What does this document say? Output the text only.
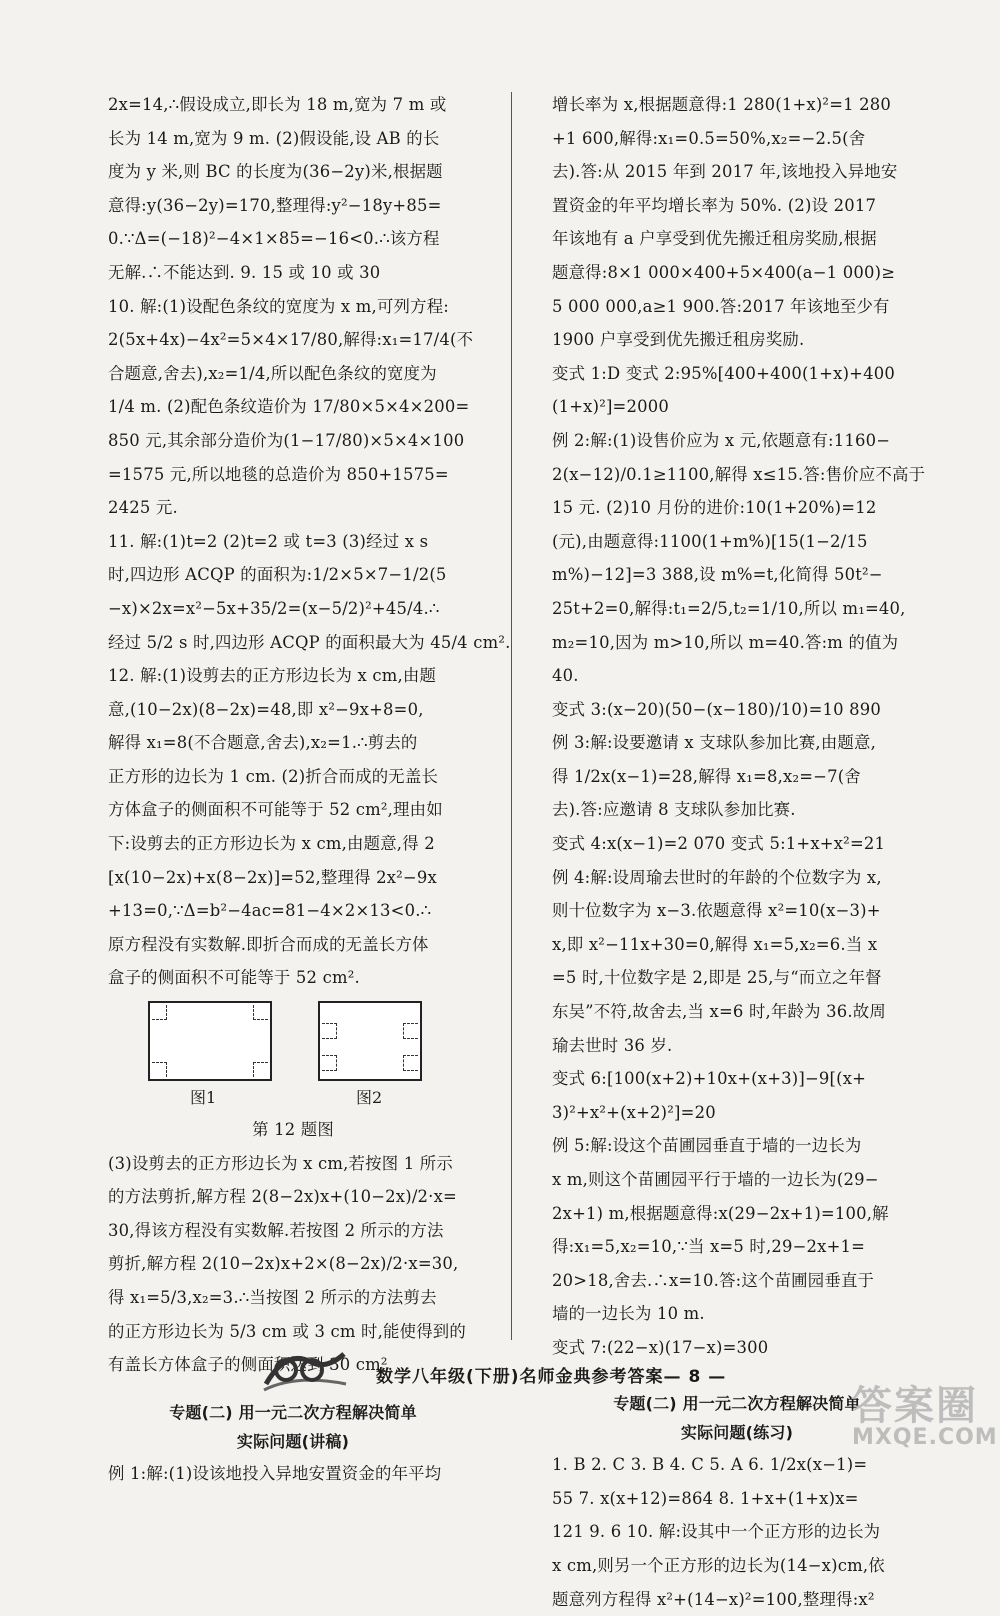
2x=14,∴假设成立,即长为 18 m,宽为 7 m 或
长为 14 m,宽为 9 m. (2)假设能,设 AB 的长
度为 y 米,则 BC 的长度为(36−2y)米,根据题
意得:y(36−2y)=170,整理得:y²−18y+85=
0.∵Δ=(−18)²−4×1×85=−16<0.∴该方程
无解.∴不能达到. 9. 15 或 10 或 30
10. 解:(1)设配色条纹的宽度为 x m,可列方程:
2(5x+4x)−4x²=5×4×17/80,解得:x₁=17/4(不
合题意,舍去),x₂=1/4,所以配色条纹的宽度为
1/4 m. (2)配色条纹造价为 17/80×5×4×200=
850 元,其余部分造价为(1−17/80)×5×4×100
=1575 元,所以地毯的总造价为 850+1575=
2425 元.
11. 解:(1)t=2 (2)t=2 或 t=3 (3)经过 x s
时,四边形 ACQP 的面积为:1/2×5×7−1/2(5
−x)×2x=x²−5x+35/2=(x−5/2)²+45/4.∴
经过 5/2 s 时,四边形 ACQP 的面积最大为 45/4 cm².
12. 解:(1)设剪去的正方形边长为 x cm,由题
意,(10−2x)(8−2x)=48,即 x²−9x+8=0,
解得 x₁=8(不合题意,舍去),x₂=1.∴剪去的
正方形的边长为 1 cm. (2)折合而成的无盖长
方体盒子的侧面积不可能等于 52 cm²,理由如
下:设剪去的正方形边长为 x cm,由题意,得 2
[x(10−2x)+x(8−2x)]=52,整理得 2x²−9x
+13=0,∵Δ=b²−4ac=81−4×2×13<0.∴
原方程没有实数解.即折合而成的无盖长方体
盒子的侧面积不可能等于 52 cm².
图1	图2
第 12 题图
(3)设剪去的正方形边长为 x cm,若按图 1 所示
的方法剪折,解方程 2(8−2x)x+(10−2x)/2·x=
30,得该方程没有实数解.若按图 2 所示的方法
剪折,解方程 2(10−2x)x+2×(8−2x)/2·x=30,
得 x₁=5/3,x₂=3.∴当按图 2 所示的方法剪去
的正方形边长为 5/3 cm 或 3 cm 时,能使得到的
有盖长方体盒子的侧面积达到 30 cm².
专题(二) 用一元二次方程解决简单
实际问题(讲稿)
例 1:解:(1)设该地投入异地安置资金的年平均
增长率为 x,根据题意得:1 280(1+x)²=1 280
+1 600,解得:x₁=0.5=50%,x₂=−2.5(舍
去).答:从 2015 年到 2017 年,该地投入异地安
置资金的年平均增长率为 50%. (2)设 2017
年该地有 a 户享受到优先搬迁租房奖励,根据
题意得:8×1 000×400+5×400(a−1 000)≥
5 000 000,a≥1 900.答:2017 年该地至少有
1900 户享受到优先搬迁租房奖励.
变式 1:D 变式 2:95%[400+400(1+x)+400
(1+x)²]=2000
例 2:解:(1)设售价应为 x 元,依题意有:1160−
2(x−12)/0.1≥1100,解得 x≤15.答:售价应不高于
15 元. (2)10 月份的进价:10(1+20%)=12
(元),由题意得:1100(1+m%)[15(1−2/15
m%)−12]=3 388,设 m%=t,化简得 50t²−
25t+2=0,解得:t₁=2/5,t₂=1/10,所以 m₁=40,
m₂=10,因为 m>10,所以 m=40.答:m 的值为
40.
变式 3:(x−20)(50−(x−180)/10)=10 890
例 3:解:设要邀请 x 支球队参加比赛,由题意,
得 1/2x(x−1)=28,解得 x₁=8,x₂=−7(舍
去).答:应邀请 8 支球队参加比赛.
变式 4:x(x−1)=2 070 变式 5:1+x+x²=21
例 4:解:设周瑜去世时的年龄的个位数字为 x,
则十位数字为 x−3.依题意得 x²=10(x−3)+
x,即 x²−11x+30=0,解得 x₁=5,x₂=6.当 x
=5 时,十位数字是 2,即是 25,与“而立之年督
东吴”不符,故舍去,当 x=6 时,年龄为 36.故周
瑜去世时 36 岁.
变式 6:[100(x+2)+10x+(x+3)]−9[(x+
3)²+x²+(x+2)²]=20
例 5:解:设这个苗圃园垂直于墙的一边长为
x m,则这个苗圃园平行于墙的一边长为(29−
2x+1) m,根据题意得:x(29−2x+1)=100,解
得:x₁=5,x₂=10,∵当 x=5 时,29−2x+1=
20>18,舍去.∴x=10.答:这个苗圃园垂直于
墙的一边长为 10 m.
变式 7:(22−x)(17−x)=300
专题(二) 用一元二次方程解决简单
实际问题(练习)
1. B 2. C 3. B 4. C 5. A 6. 1/2x(x−1)=
55 7. x(x+12)=864 8. 1+x+(1+x)x=
121 9. 6 10. 解:设其中一个正方形的边长为
x cm,则另一个正方形的边长为(14−x)cm,依
题意列方程得 x²+(14−x)²=100,整理得:x²
数学八年级(下册)名师金典参考答案— 8 —
答案圈
MXQE.COM
